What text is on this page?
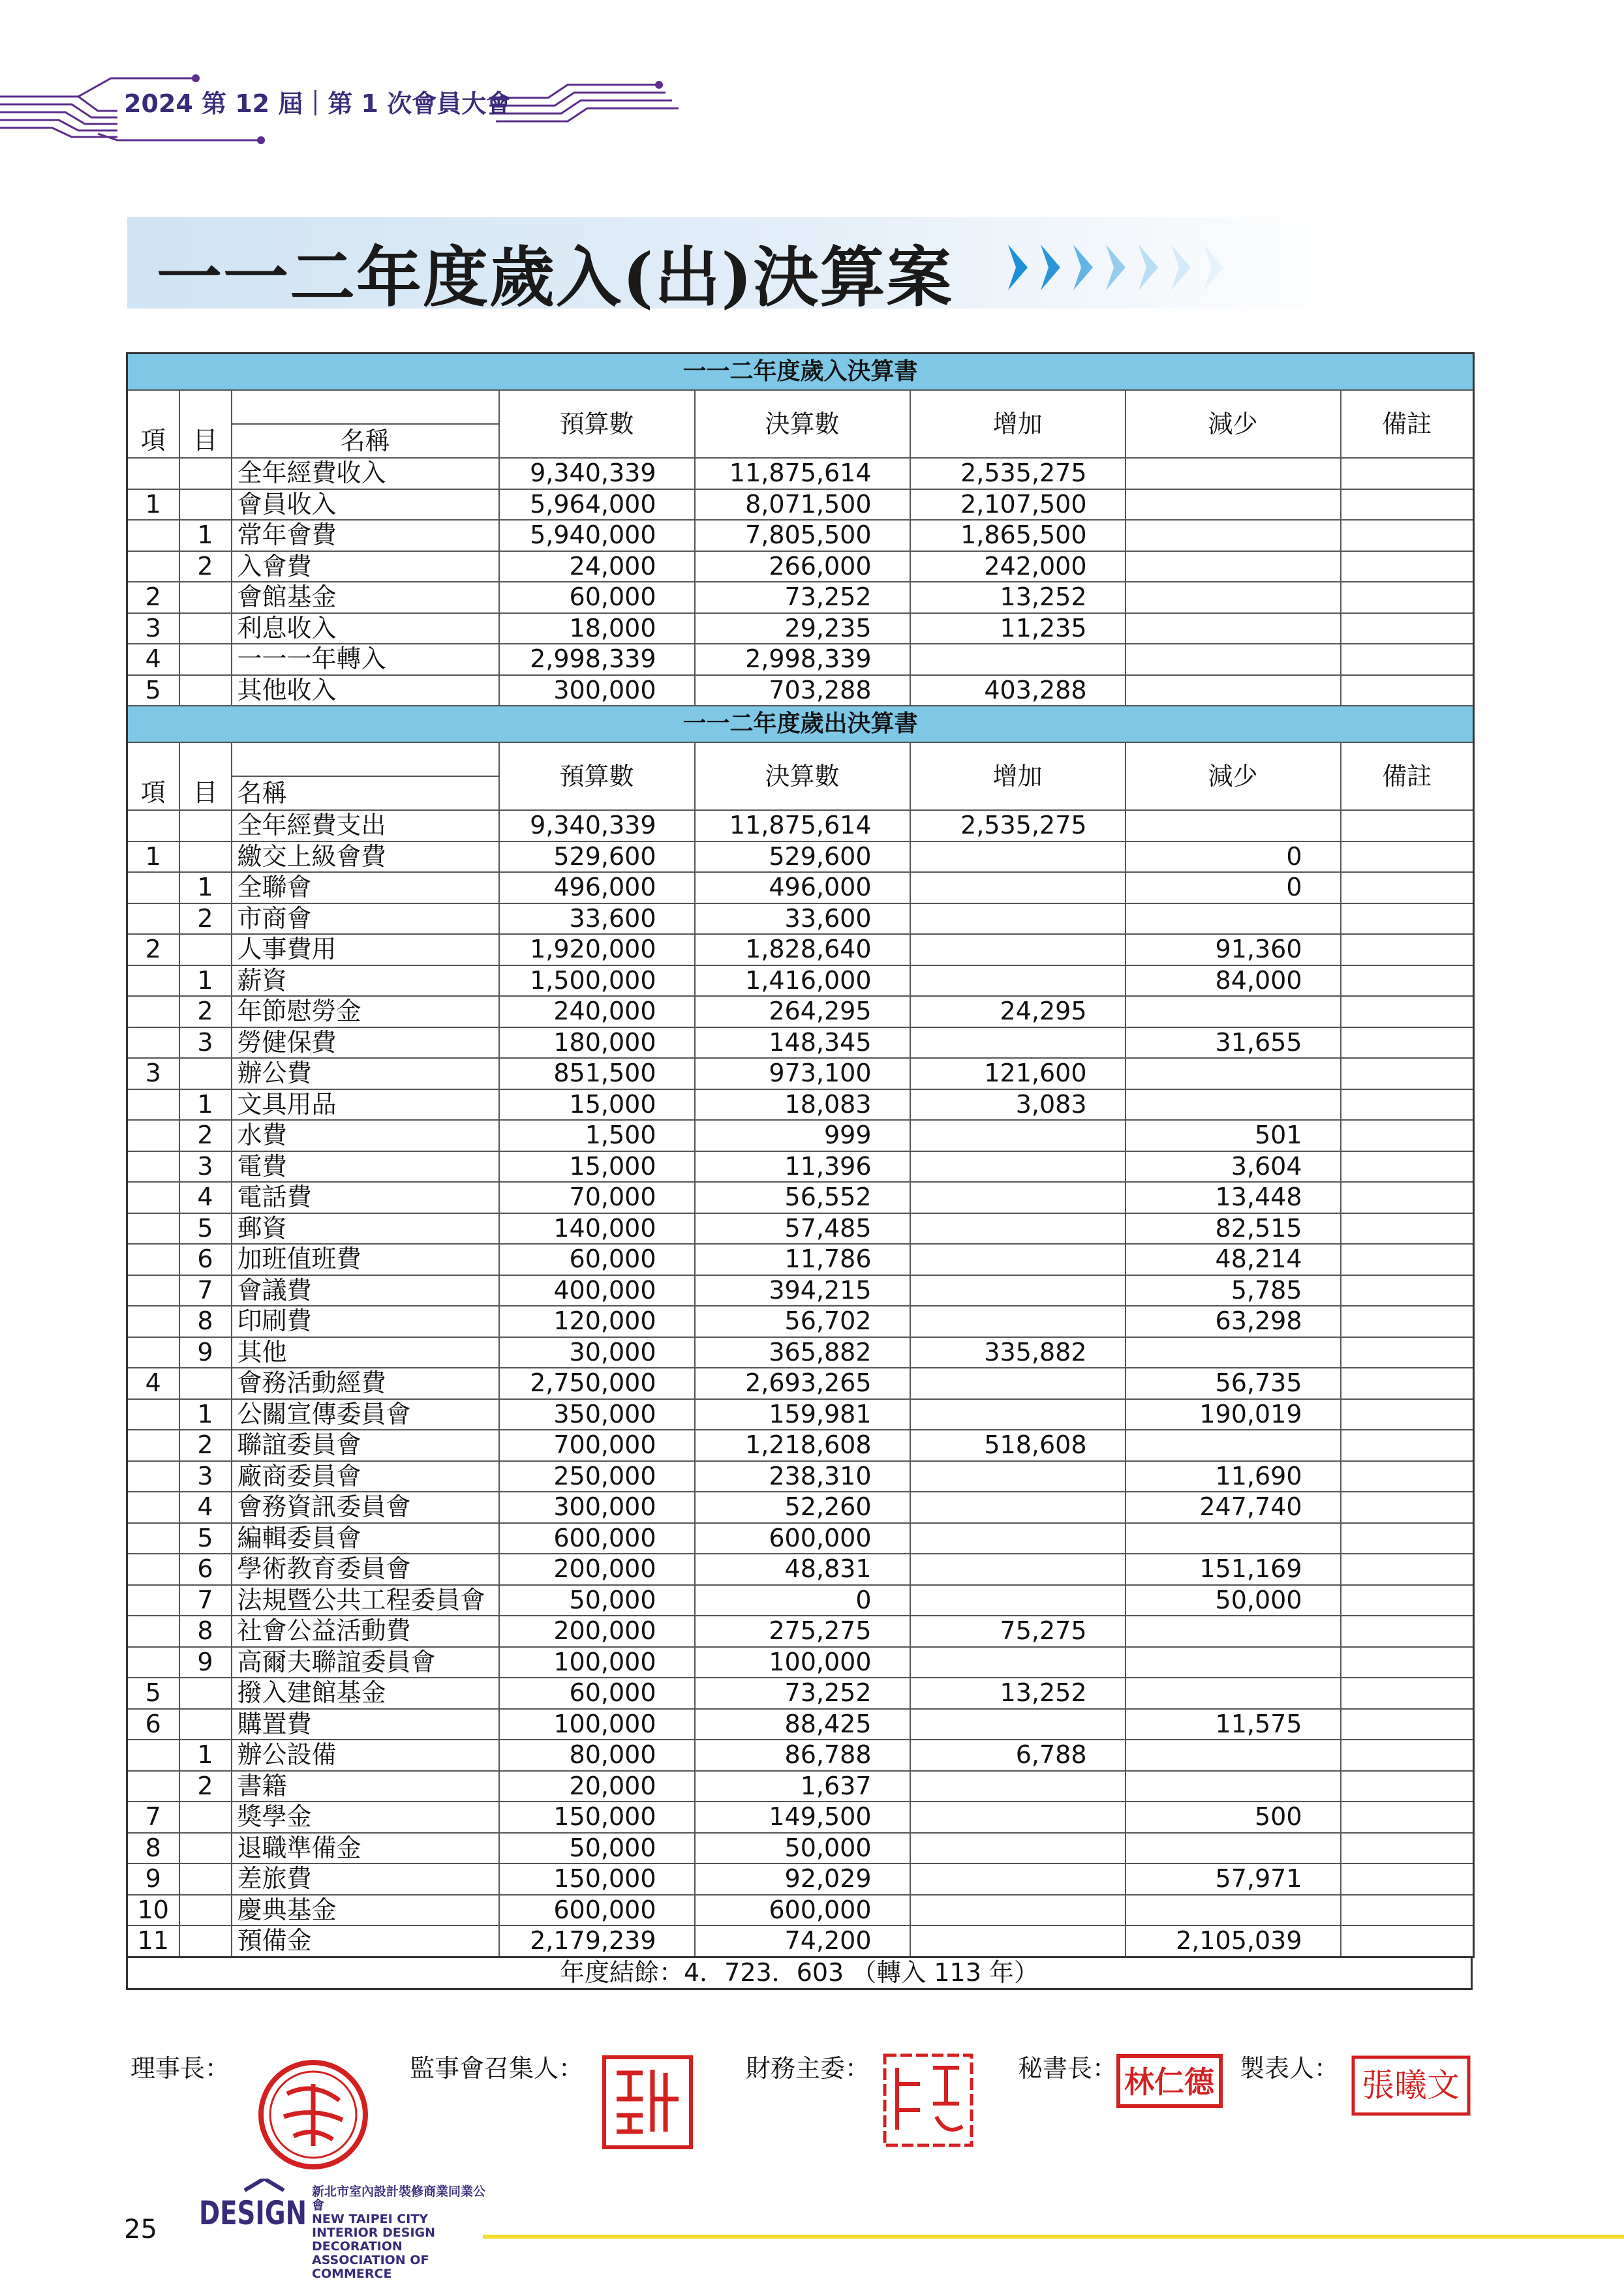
2024 第 12 屆｜第 1 次會員大會
一一二年度歲入(出)決算案
一一二年度歲入決算書							
			預算數	決算數	增加	減少	備註
項	目	名稱					
		全年經費收入	9,340,339	11,875,614	2,535,275		
1		會員收入	5,964,000	8,071,500	2,107,500		
	1	常年會費	5,940,000	7,805,500	1,865,500		
	2	入會費	24,000	266,000	242,000		
2		會館基金	60,000	73,252	13,252		
3		利息收入	18,000	29,235	11,235		
4		一一一年轉入	2,998,339	2,998,339			
5		其他收入	300,000	703,288	403,288		
一一二年度歲出決算書							
			預算數	決算數	增加	減少	備註
項	目	名稱					
		全年經費支出	9,340,339	11,875,614	2,535,275		
1		繳交上級會費	529,600	529,600		0	
	1	全聯會	496,000	496,000		0	
	2	市商會	33,600	33,600			
2		人事費用	1,920,000	1,828,640		91,360	
	1	薪資	1,500,000	1,416,000		84,000	
	2	年節慰勞金	240,000	264,295	24,295		
	3	勞健保費	180,000	148,345		31,655	
3		辦公費	851,500	973,100	121,600		
	1	文具用品	15,000	18,083	3,083		
	2	水費	1,500	999		501	
	3	電費	15,000	11,396		3,604	
	4	電話費	70,000	56,552		13,448	
	5	郵資	140,000	57,485		82,515	
	6	加班值班費	60,000	11,786		48,214	
	7	會議費	400,000	394,215		5,785	
	8	印刷費	120,000	56,702		63,298	
	9	其他	30,000	365,882	335,882		
4		會務活動經費	2,750,000	2,693,265		56,735	
	1	公關宣傳委員會	350,000	159,981		190,019	
	2	聯誼委員會	700,000	1,218,608	518,608		
	3	廠商委員會	250,000	238,310		11,690	
	4	會務資訊委員會	300,000	52,260		247,740	
	5	編輯委員會	600,000	600,000			
	6	學術教育委員會	200,000	48,831		151,169	
	7	法規暨公共工程委員會	50,000	0		50,000	
	8	社會公益活動費	200,000	275,275	75,275		
	9	高爾夫聯誼委員會	100,000	100,000			
5		撥入建館基金	60,000	73,252	13,252		
6		購置費	100,000	88,425		11,575	
	1	辦公設備	80,000	86,788	6,788		
	2	書籍	20,000	1,637			
7		獎學金	150,000	149,500		500	
8		退職準備金	50,000	50,000			
9		差旅費	150,000	92,029		57,971	
10		慶典基金	600,000	600,000			
11		預備金	2,179,239	74,200		2,105,039	
年度結餘：4．723．603 （轉入 113 年）
理事長：	監事會召集人：	財務主委：	秘書長：	製表人：
林仁德	張曦文
25 DESIGN
新北市室內設計裝修商業同業公會
NEW TAIPEI CITY INTERIOR DESIGN
DECORATION ASSOCIATION OF COMMERCE
